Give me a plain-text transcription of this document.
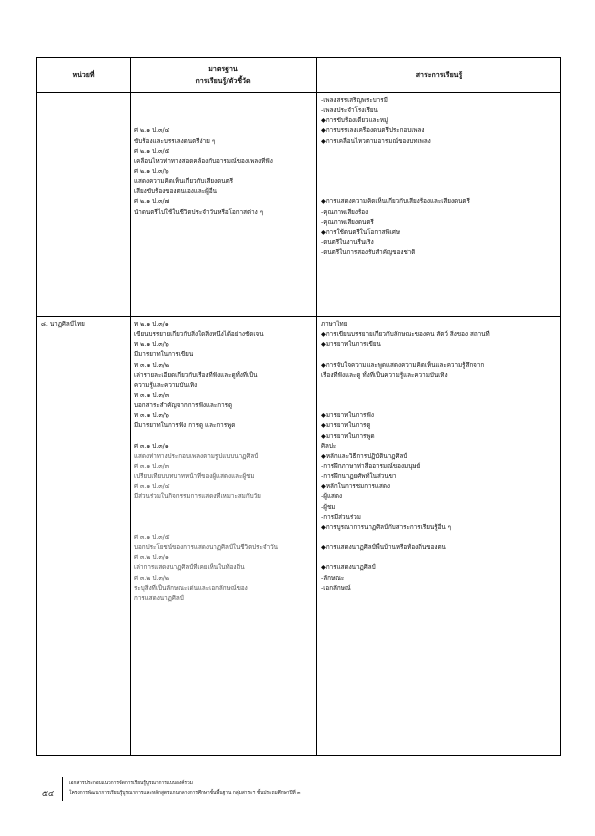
หน่วยที่
มาตรฐาน
การเรียนรู้/ตัวชี้วัด
สาระการเรียนรู้
ศ ๒.๑ ป.๓/๔
ขับร้องและบรรเลงดนตรีง่าย ๆ
ศ ๒.๑ ป.๓/๕
เคลื่อนไหวท่าทางสอดคล้องกับอารมณ์ของเพลงที่ฟัง
ศ ๒.๑ ป.๓/๖
แสดงความคิดเห็นเกี่ยวกับเสียงดนตรี
เสียงขับร้องของตนเองและผู้อื่น
ศ ๒.๑ ป.๓/๗
นำดนตรีไปใช้ในชีวิตประจำวันหรือโอกาสต่าง ๆ
-เพลงสรรเสริญพระบารมี
-เพลงประจำโรงเรียน
◆การขับร้องเดี่ยวและหมู่
◆การบรรเลงเครื่องดนตรีประกอบเพลง
◆การเคลื่อนไหวตามอารมณ์ของบทเพลง
◆การแสดงความคิดเห็นเกี่ยวกับเสียงร้องและเสียงดนตรี
-คุณภาพเสียงร้อง
-คุณภาพเสียงดนตรี
◆การใช้ดนตรีในโอกาสพิเศษ
-ดนตรีในงานรื่นเริง
-ดนตรีในการสองรับสำคัญของชาติ
๘. นาฏศิลป์ไทย	ท ๒.๑ ป.๓/๑
เขียนบรรยายเกี่ยวกับสิ่งใดสิ่งหนึ่งได้อย่างชัดเจน
ท ๒.๑ ป.๓/๖
มีมารยาทในการเขียน
ท ๓.๑ ป.๓/๒
เล่ารายละเอียดเกี่ยวกับเรื่องที่ฟังและดูทั้งที่เป็น
ความรู้และความบันเทิง
ท ๓.๑ ป.๓/๓
บอกสาระสำคัญจากการฟังและการดู
ท ๓.๑ ป.๓/๖
มีมารยาทในการฟัง การดู และการพูด
ศ ๓.๑ ป.๓/๑
แสดงท่าทางประกอบเพลงตามรูปแบบนาฏศิลป์
ศ ๓.๑ ป.๓/๓
เปรียบเทียบบทบาทหน้าที่ของผู้แสดงและผู้ชม
ศ ๓.๑ ป.๓/๔
มีส่วนร่วมในกิจกรรมการแสดงที่เหมาะสมกับวัย
ศ ๓.๑ ป.๓/๕
บอกประโยชน์ของการแสดงนาฏศิลป์ในชีวิตประจำวัน
ศ ๓.๒ ป.๓/๑
เล่าการแสดงนาฏศิลป์ที่เคยเห็นในท้องถิ่น
ศ ๓.๒ ป.๓/๒
ระบุสิ่งที่เป็นลักษณะเด่นและเอกลักษณ์ของ
การแสดงนาฏศิลป์
ภาษาไทย
◆การเขียนบรรยายเกี่ยวกับลักษณะของคน สัตว์ สิ่งของ สถานที่
◆มารยาทในการเขียน
◆การจับใจความและพูดแสดงความคิดเห็นและความรู้สึกจาก
เรื่องที่ฟังและดู ทั้งที่เป็นความรู้และความบันเทิง
◆มารยาทในการฟัง
◆มารยาทในการดู
◆มารยาทในการพูด
ศิลปะ
◆หลักและวิธีการปฏิบัตินาฏศิลป์
-การฝึกภาษาท่าสื่ออารมณ์ของมนุษย์
-การฝึกนาฏยศัพท์ในส่วนขา
◆หลักในการชมการแสดง
-ผู้แสดง
-ผู้ชม
-การมีส่วนร่วม
◆การบูรณาการนาฏศิลป์กับสาระการเรียนรู้อื่น ๆ
◆การแสดงนาฏศิลป์พื้นบ้านหรือท้องถิ่นของตน
◆การแสดงนาฏศิลป์
-ลักษณะ
-เอกลักษณ์
๕๔
เอกสารประกอบแนวการจัดการเรียนรู้บูรณาการแบบองค์รวม
โครงการพัฒนาการเรียนรู้บูรณาการและหลักสูตรแกนกลางการศึกษาขั้นพื้นฐาน กลุ่มสาระฯ ชั้นประถมศึกษาปีที่ ๓
